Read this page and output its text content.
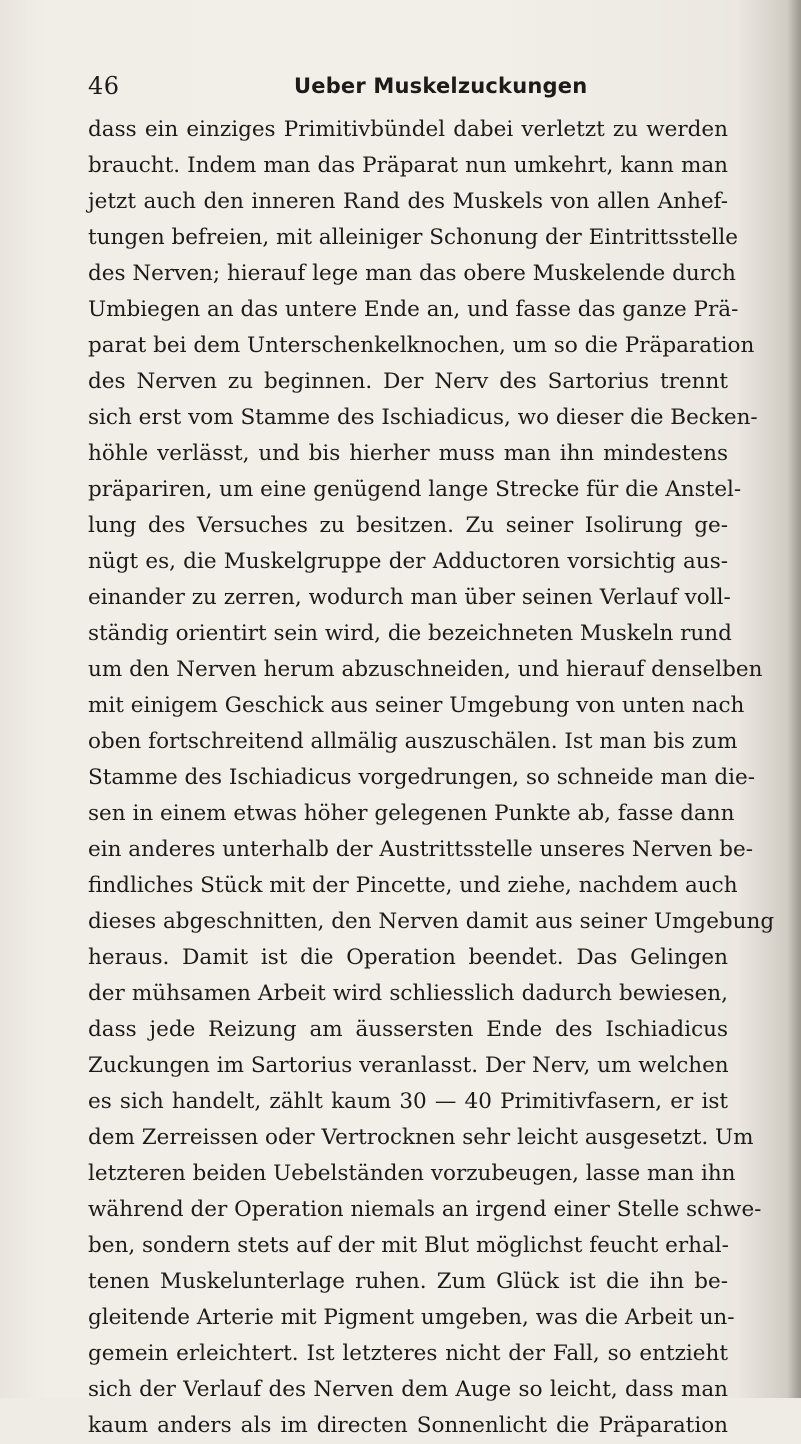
46	Ueber Muskelzuckungen
dass ein einziges Primitivbündel dabei verletzt zu werden
braucht. Indem man das Präparat nun umkehrt, kann man
jetzt auch den inneren Rand des Muskels von allen Anhef-
tungen befreien, mit alleiniger Schonung der Eintrittsstelle
des Nerven; hierauf lege man das obere Muskelende durch
Umbiegen an das untere Ende an, und fasse das ganze Prä-
parat bei dem Unterschenkelknochen, um so die Präparation
des Nerven zu beginnen. Der Nerv des Sartorius trennt
sich erst vom Stamme des Ischiadicus, wo dieser die Becken-
höhle verlässt, und bis hierher muss man ihn mindestens
präpariren, um eine genügend lange Strecke für die Anstel-
lung des Versuches zu besitzen. Zu seiner Isolirung ge-
nügt es, die Muskelgruppe der Adductoren vorsichtig aus-
einander zu zerren, wodurch man über seinen Verlauf voll-
ständig orientirt sein wird, die bezeichneten Muskeln rund
um den Nerven herum abzuschneiden, und hierauf denselben
mit einigem Geschick aus seiner Umgebung von unten nach
oben fortschreitend allmälig auszuschälen. Ist man bis zum
Stamme des Ischiadicus vorgedrungen, so schneide man die-
sen in einem etwas höher gelegenen Punkte ab, fasse dann
ein anderes unterhalb der Austrittsstelle unseres Nerven be-
findliches Stück mit der Pincette, und ziehe, nachdem auch
dieses abgeschnitten, den Nerven damit aus seiner Umgebung
heraus. Damit ist die Operation beendet. Das Gelingen
der mühsamen Arbeit wird schliesslich dadurch bewiesen,
dass jede Reizung am äussersten Ende des Ischiadicus
Zuckungen im Sartorius veranlasst. Der Nerv, um welchen
es sich handelt, zählt kaum 30 — 40 Primitivfasern, er ist
dem Zerreissen oder Vertrocknen sehr leicht ausgesetzt. Um
letzteren beiden Uebelständen vorzubeugen, lasse man ihn
während der Operation niemals an irgend einer Stelle schwe-
ben, sondern stets auf der mit Blut möglichst feucht erhal-
tenen Muskelunterlage ruhen. Zum Glück ist die ihn be-
gleitende Arterie mit Pigment umgeben, was die Arbeit un-
gemein erleichtert. Ist letzteres nicht der Fall, so entzieht
sich der Verlauf des Nerven dem Auge so leicht, dass man
kaum anders als im directen Sonnenlicht die Präparation
